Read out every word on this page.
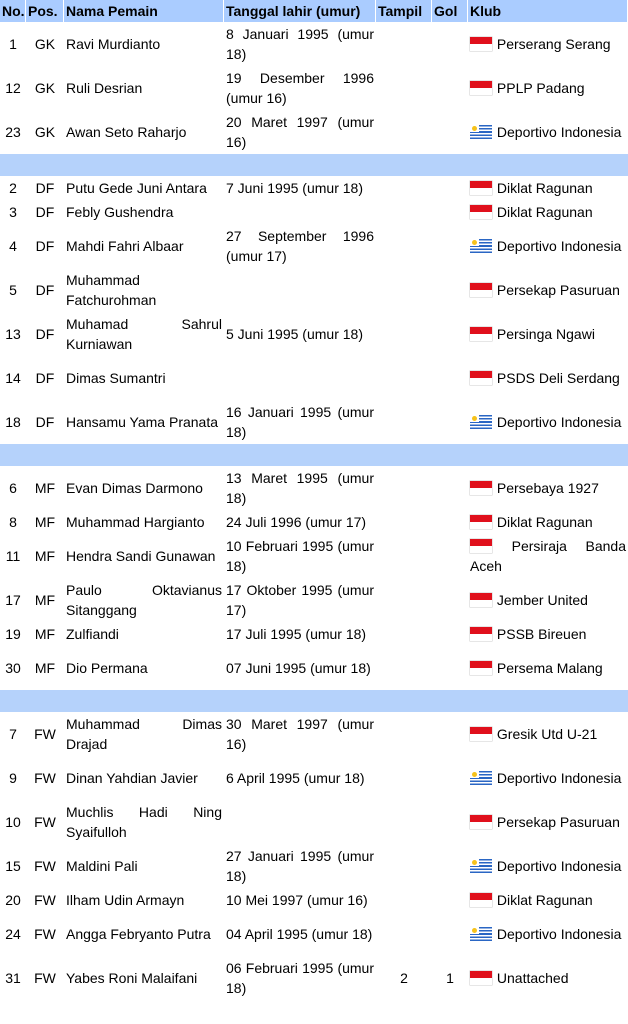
No.	Pos.	Nama Pemain	Tanggal lahir (umur)	Tampil	Gol	Klub
1	GK	Ravi Murdianto	8 Januari 1995 (umur 18)			Perserang Serang

12	GK	Ruli Desrian	19 Desember 1996 (umur 16)			PPLP Padang

23	GK	Awan Seto Raharjo	20 Maret 1997 (umur 16)			Deportivo Indonesia

2	DF	Putu Gede Juni Antara	7 Juni 1995 (umur 18)			Diklat Ragunan

3	DF	Febly Gushendra				Diklat Ragunan

4	DF	Mahdi Fahri Albaar	27 September 1996 (umur 17)			Deportivo Indonesia

5	DF	Muhammad Fatchurohman				Persekap Pasuruan

13	DF	Muhamad Sahrul Kurniawan	5 Juni 1995 (umur 18)			Persinga Ngawi

14	DF	Dimas Sumantri				PSDS Deli Serdang

18	DF	Hansamu Yama Pranata	16 Januari 1995 (umur 18)			Deportivo Indonesia

6	MF	Evan Dimas Darmono	13 Maret 1995 (umur 18)			Persebaya 1927

8	MF	Muhammad Hargianto	24 Juli 1996 (umur 17)			Diklat Ragunan

11	MF	Hendra Sandi Gunawan	10 Februari 1995 (umur 18)			Persiraja Banda Aceh

17	MF	Paulo Oktavianus Sitanggang	17 Oktober 1995 (umur 17)			Jember United

19	MF	Zulfiandi	17 Juli 1995 (umur 18)			PSSB Bireuen

30	MF	Dio Permana	07 Juni 1995 (umur 18)			Persema Malang

7	FW	Muhammad Dimas Drajad	30 Maret 1997 (umur 16)			Gresik Utd U-21

9	FW	Dinan Yahdian Javier	6 April 1995 (umur 18)			Deportivo Indonesia

10	FW	Muchlis Hadi Ning Syaifulloh				Persekap Pasuruan

15	FW	Maldini Pali	27 Januari 1995 (umur 18)			Deportivo Indonesia

20	FW	Ilham Udin Armayn	10 Mei 1997 (umur 16)			Diklat Ragunan

24	FW	Angga Febryanto Putra	04 April 1995 (umur 18)			Deportivo Indonesia

31	FW	Yabes Roni Malaifani	06 Februari 1995 (umur 18)	2	1	Unattached
